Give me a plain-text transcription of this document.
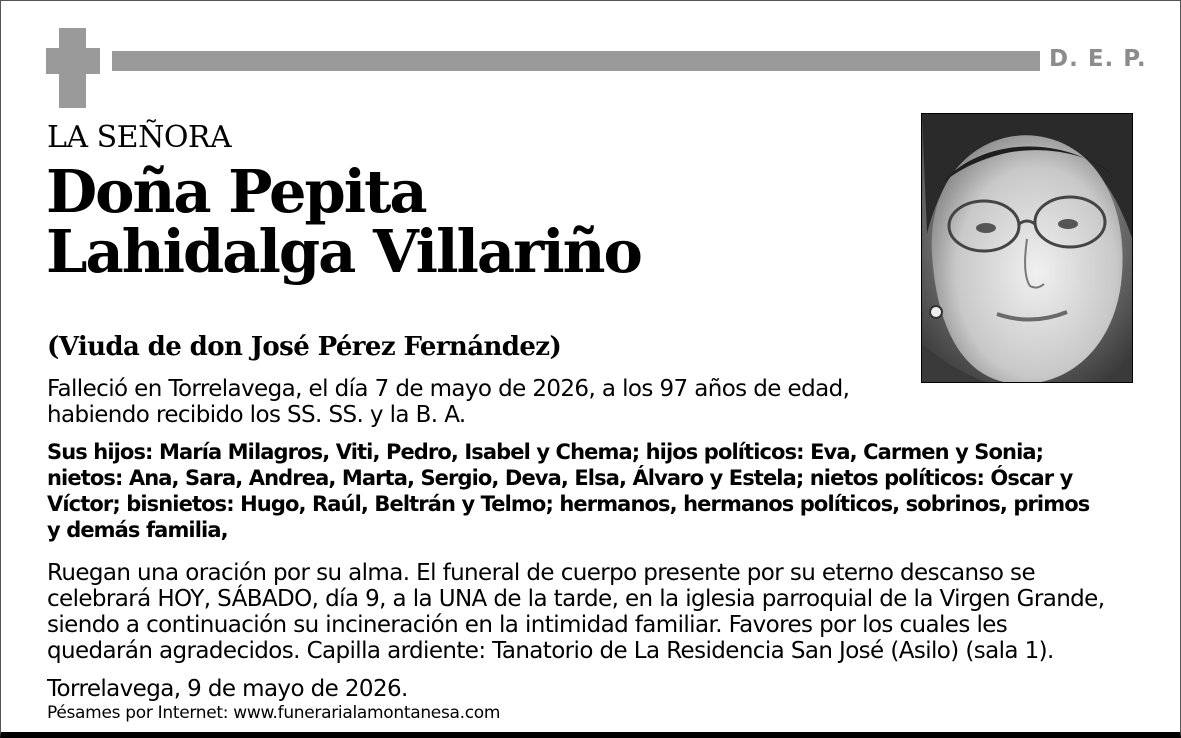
D. E. P.
LA SEÑORA
Doña Pepita
Lahidalga Villariño
(Viuda de don José Pérez Fernández)
Falleció en Torrelavega, el día 7 de mayo de 2026, a los 97 años de edad,
habiendo recibido los SS. SS. y la B. A.
Sus hijos: María Milagros, Viti, Pedro, Isabel y Chema; hijos políticos: Eva, Carmen y Sonia;
nietos: Ana, Sara, Andrea, Marta, Sergio, Deva, Elsa, Álvaro y Estela; nietos políticos: Óscar y
Víctor; bisnietos: Hugo, Raúl, Beltrán y Telmo; hermanos, hermanos políticos, sobrinos, primos
y demás familia,
Ruegan una oración por su alma. El funeral de cuerpo presente por su eterno descanso se
celebrará HOY, SÁBADO, día 9, a la UNA de la tarde, en la iglesia parroquial de la Virgen Grande,
siendo a continuación su incineración en la intimidad familiar. Favores por los cuales les
quedarán agradecidos. Capilla ardiente: Tanatorio de La Residencia San José (Asilo) (sala 1).
Torrelavega, 9 de mayo de 2026.
Pésames por Internet: www.funerarialamontanesa.com
